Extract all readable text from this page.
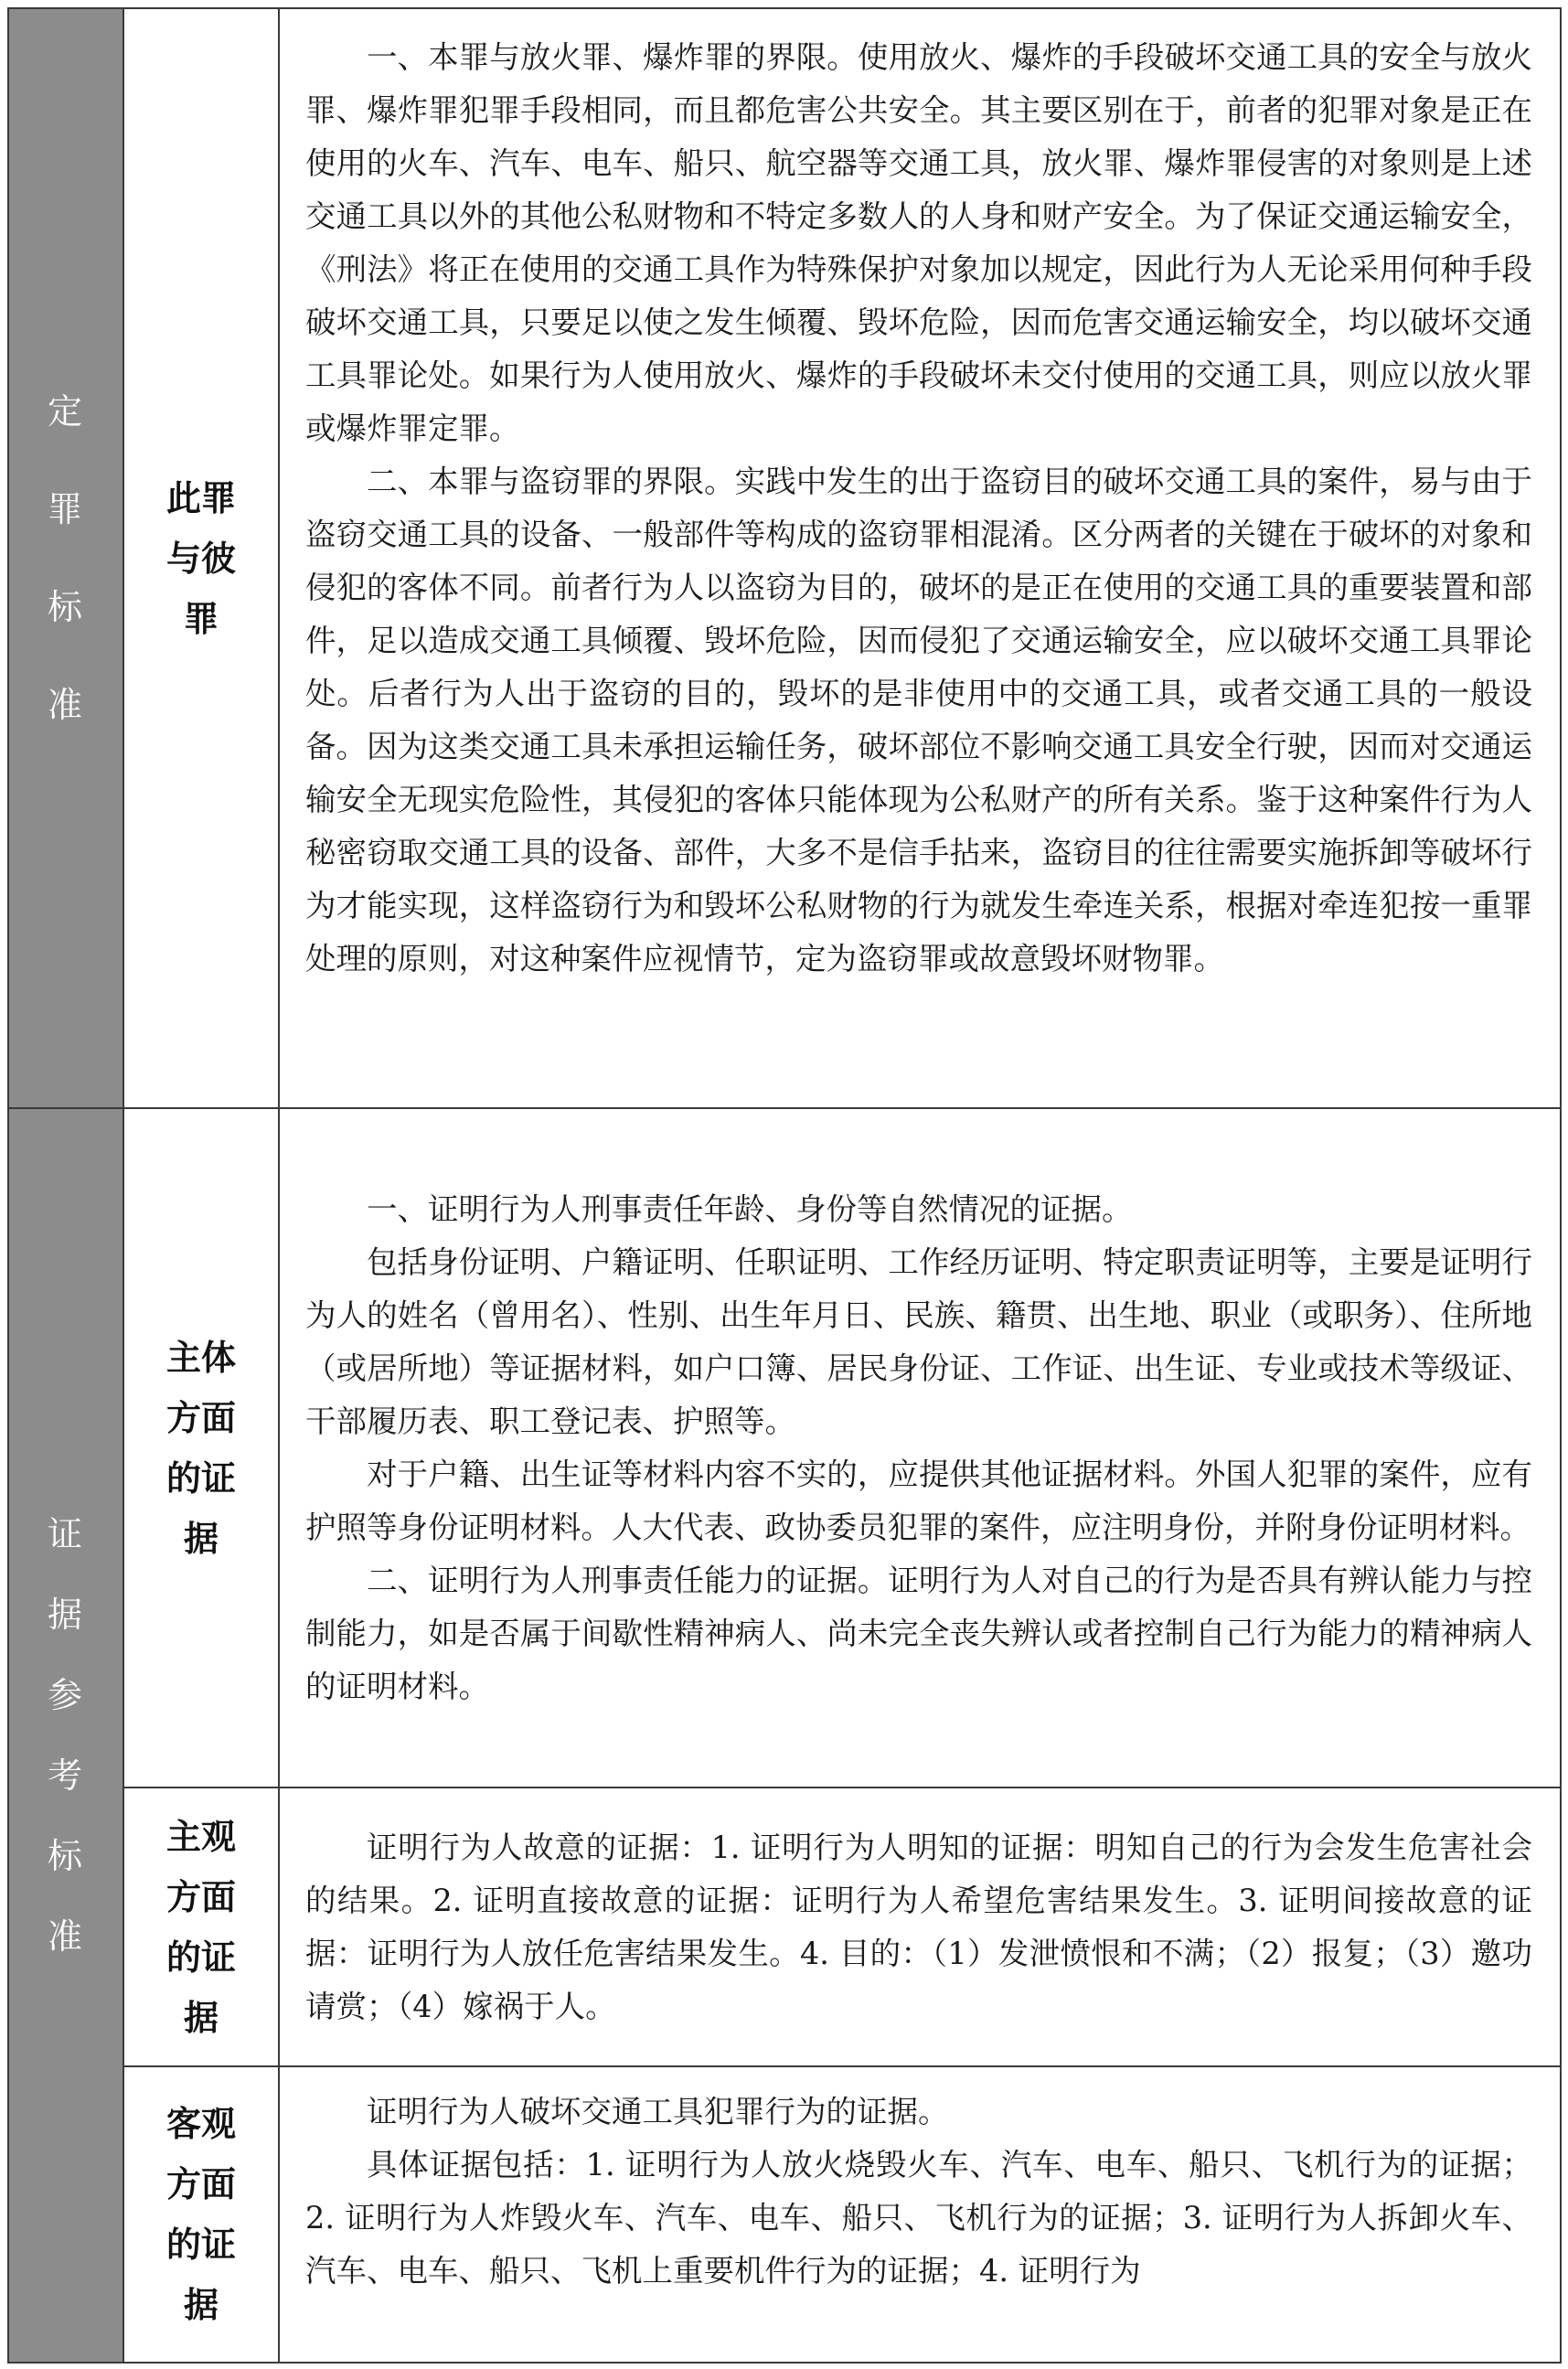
定罪标准	此罪与彼罪	一、本罪与放火罪、爆炸罪的界限。使用放火、爆炸的手段破坏交通工具的安全与放火罪、爆炸罪犯罪手段相同，而且都危害公共安全。其主要区别在于，前者的犯罪对象是正在使用的火车、汽车、电车、船只、航空器等交通工具，放火罪、爆炸罪侵害的对象则是上述交通工具以外的其他公私财物和不特定多数人的人身和财产安全。为了保证交通运输安全，《刑法》将正在使用的交通工具作为特殊保护对象加以规定，因此行为人无论采用何种手段破坏交通工具，只要足以使之发生倾覆、毁坏危险，因而危害交通运输安全，均以破坏交通工具罪论处。如果行为人使用放火、爆炸的手段破坏未交付使用的交通工具，则应以放火罪或爆炸罪定罪。

二、本罪与盗窃罪的界限。实践中发生的出于盗窃目的破坏交通工具的案件，易与由于盗窃交通工具的设备、一般部件等构成的盗窃罪相混淆。区分两者的关键在于破坏的对象和侵犯的客体不同。前者行为人以盗窃为目的，破坏的是正在使用的交通工具的重要装置和部件，足以造成交通工具倾覆、毁坏危险，因而侵犯了交通运输安全，应以破坏交通工具罪论处。后者行为人出于盗窃的目的，毁坏的是非使用中的交通工具，或者交通工具的一般设备。因为这类交通工具未承担运输任务，破坏部位不影响交通工具安全行驶，因而对交通运输安全无现实危险性，其侵犯的客体只能体现为公私财产的所有关系。鉴于这种案件行为人秘密窃取交通工具的设备、部件，大多不是信手拈来，盗窃目的往往需要实施拆卸等破坏行为才能实现，这样盗窃行为和毁坏公私财物的行为就发生牵连关系，根据对牵连犯按一重罪处理的原则，对这种案件应视情节，定为盗窃罪或故意毁坏财物罪。

证据参考标准	主体方面的证据	一、证明行为人刑事责任年龄、身份等自然情况的证据。

包括身份证明、户籍证明、任职证明、工作经历证明、特定职责证明等，主要是证明行为人的姓名（曾用名）、性别、出生年月日、民族、籍贯、出生地、职业（或职务）、住所地（或居所地）等证据材料，如户口簿、居民身份证、工作证、出生证、专业或技术等级证、干部履历表、职工登记表、护照等。

对于户籍、出生证等材料内容不实的，应提供其他证据材料。外国人犯罪的案件，应有护照等身份证明材料。人大代表、政协委员犯罪的案件，应注明身份，并附身份证明材料。

二、证明行为人刑事责任能力的证据。证明行为人对自己的行为是否具有辨认能力与控制能力，如是否属于间歇性精神病人、尚未完全丧失辨认或者控制自己行为能力的精神病人的证明材料。

	主观方面的证据	证明行为人故意的证据：1. 证明行为人明知的证据：明知自己的行为会发生危害社会的结果。2. 证明直接故意的证据：证明行为人希望危害结果发生。3. 证明间接故意的证据：证明行为人放任危害结果发生。4. 目的：（1）发泄愤恨和不满；（2）报复；（3）邀功请赏；（4）嫁祸于人。

	客观方面的证据	证明行为人破坏交通工具犯罪行为的证据。

具体证据包括：1. 证明行为人放火烧毁火车、汽车、电车、船只、飞机行为的证据；2. 证明行为人炸毁火车、汽车、电车、船只、飞机行为的证据；3. 证明行为人拆卸火车、汽车、电车、船只、飞机上重要机件行为的证据；4. 证明行为
